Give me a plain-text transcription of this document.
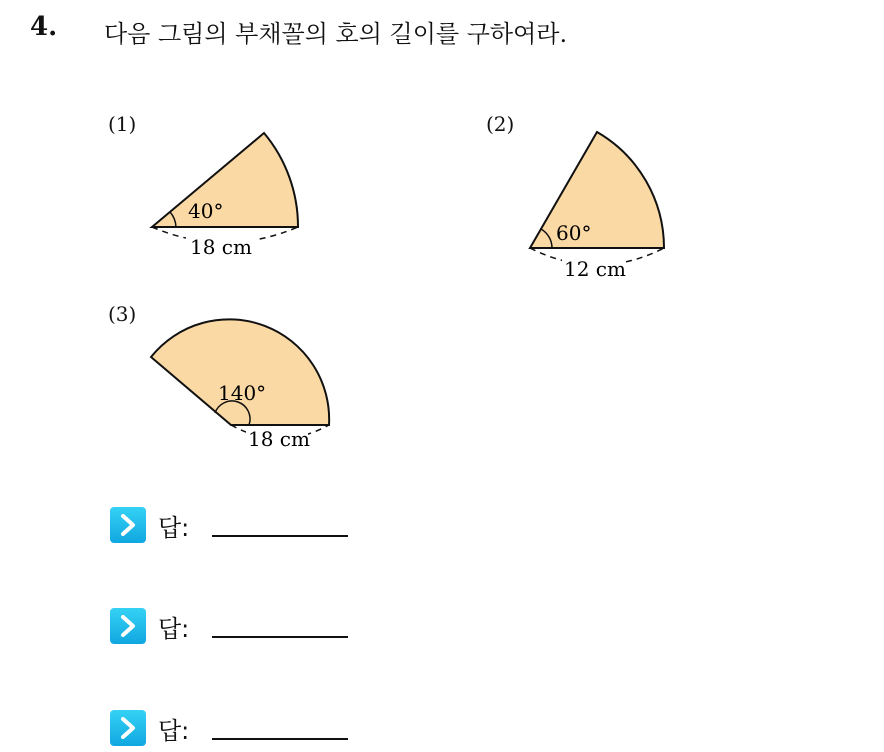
4. 다음 그림의 부채꼴의 호의 길이를 구하여라.
(1)	(2)
(3)
40°
18 cm
60°
12 cm
140°
18 cm
답:
답:
답:
